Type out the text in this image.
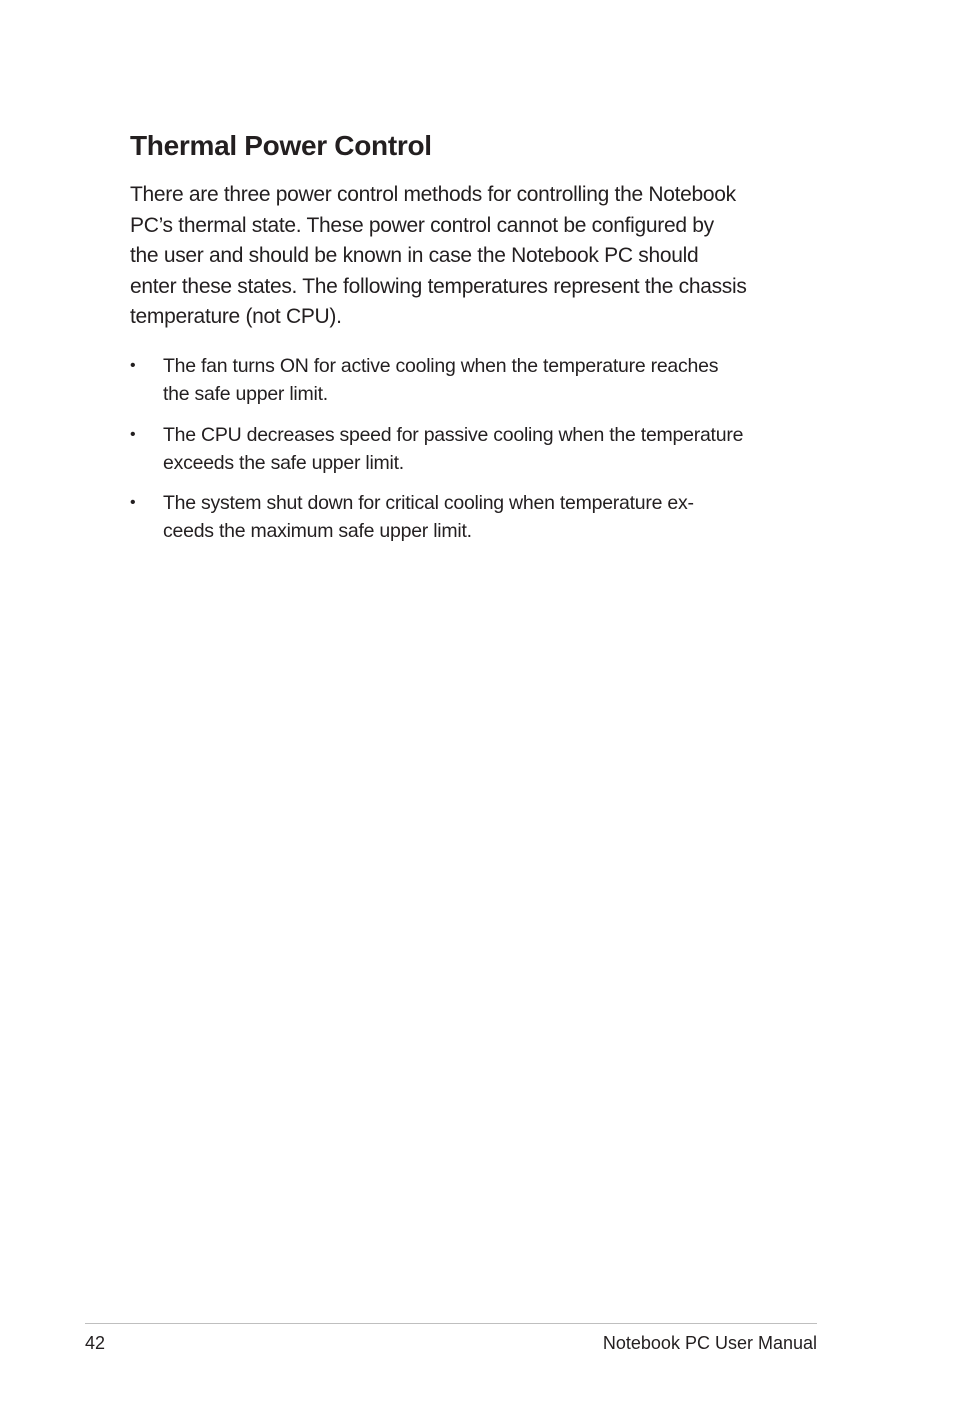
Thermal Power Control

There are three power control methods for controlling the Notebook
PC’s thermal state. These power control cannot be configured by
the user and should be known in case the Notebook PC should
enter these states. The following temperatures represent the chassis
temperature (not CPU).

• The fan turns ON for active cooling when the temperature reaches
the safe upper limit.
• The CPU decreases speed for passive cooling when the temperature
exceeds the safe upper limit.
• The system shut down for critical cooling when temperature ex-
ceeds the maximum safe upper limit.
42	Notebook PC User Manual
